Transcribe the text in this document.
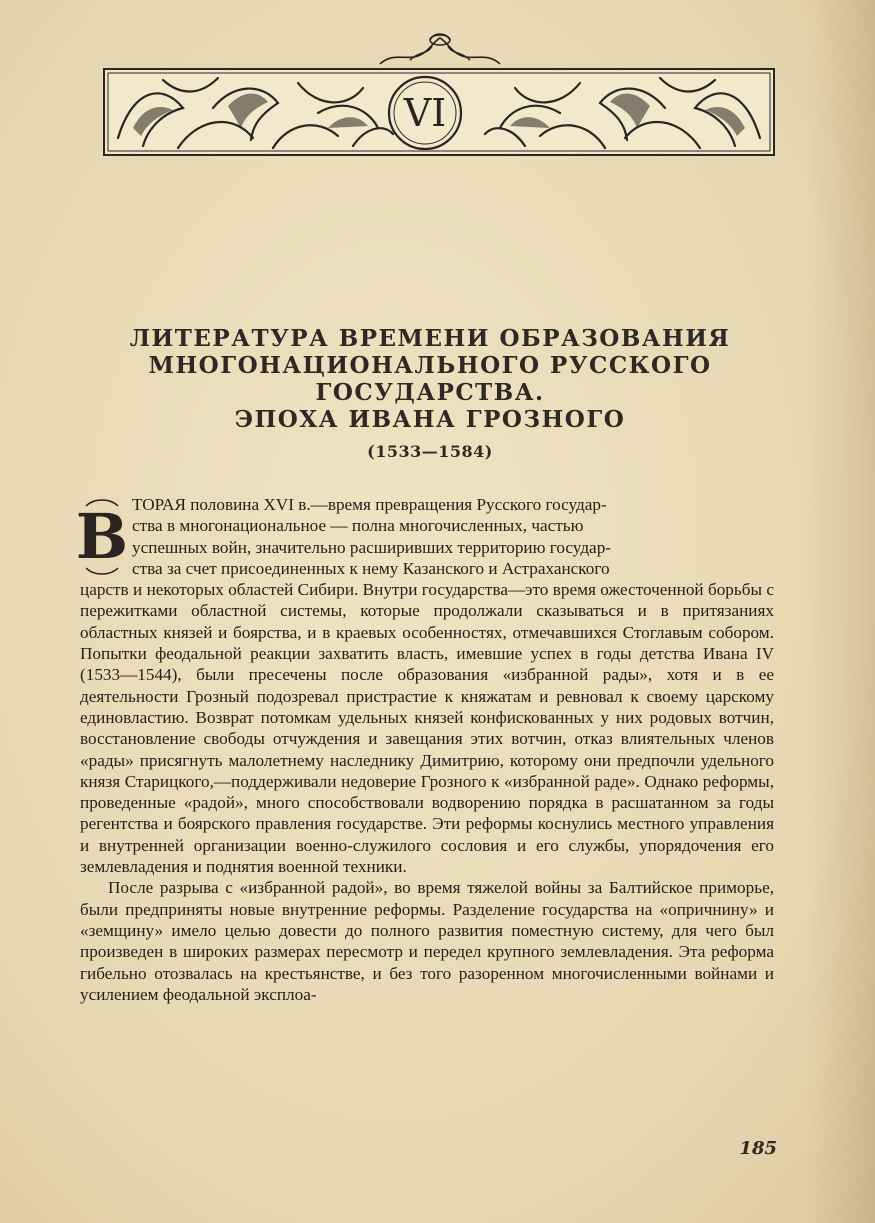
VI
ЛИТЕРАТУРА ВРЕМЕНИ ОБРАЗОВАНИЯ
МНОГОНАЦИОНАЛЬНОГО РУССКОГО
ГОСУДАРСТВА.
ЭПОХА ИВАНА ГРОЗНОГО
(1533—1584)
В ТОРАЯ половина XVI в.—время превращения Русского государ-
ства в многонациональное — полна многочисленных, частью
успешных войн, значительно расширивших территорию государ-
ства за счет присоединенных к нему Казанского и Астраханского

царств и некоторых областей Сибири. Внутри государства—это время ожесточенной борьбы с пережитками областной системы, которые продолжали сказываться и в притязаниях областных князей и боярства, и в краевых особенностях, отмечавшихся Стоглавым собором. Попытки феодальной реакции захватить власть, имевшие успех в годы детства Ивана IV (1533—1544), были пресечены после образования «избранной рады», хотя и в ее деятельности Грозный подозревал пристрастие к княжатам и ревновал к своему царскому единовластию. Возврат потомкам удельных князей конфискованных у них родовых вотчин, восстановление свободы отчуждения и завещания этих вотчин, отказ влиятельных членов «рады» присягнуть малолетнему наследнику Димитрию, которому они предпочли удельного князя Старицкого,—поддерживали недоверие Грозного к «избранной раде». Однако реформы, проведенные «радой», много способствовали водворению порядка в расшатанном за годы регентства и боярского правления государстве. Эти реформы коснулись местного управления и внутренней организации военно-служилого сословия и его службы, упорядочения его землевладения и поднятия военной техники.

После разрыва с «избранной радой», во время тяжелой войны за Балтийское приморье, были предприняты новые внутренние реформы. Разделение государства на «опричнину» и «земщину» имело целью довести до полного развития поместную систему, для чего был произведен в широких размерах пересмотр и передел крупного землевладения. Эта реформа гибельно отозвалась на крестьянстве, и без того разоренном многочисленными войнами и усилением феодальной эксплоа-

185
